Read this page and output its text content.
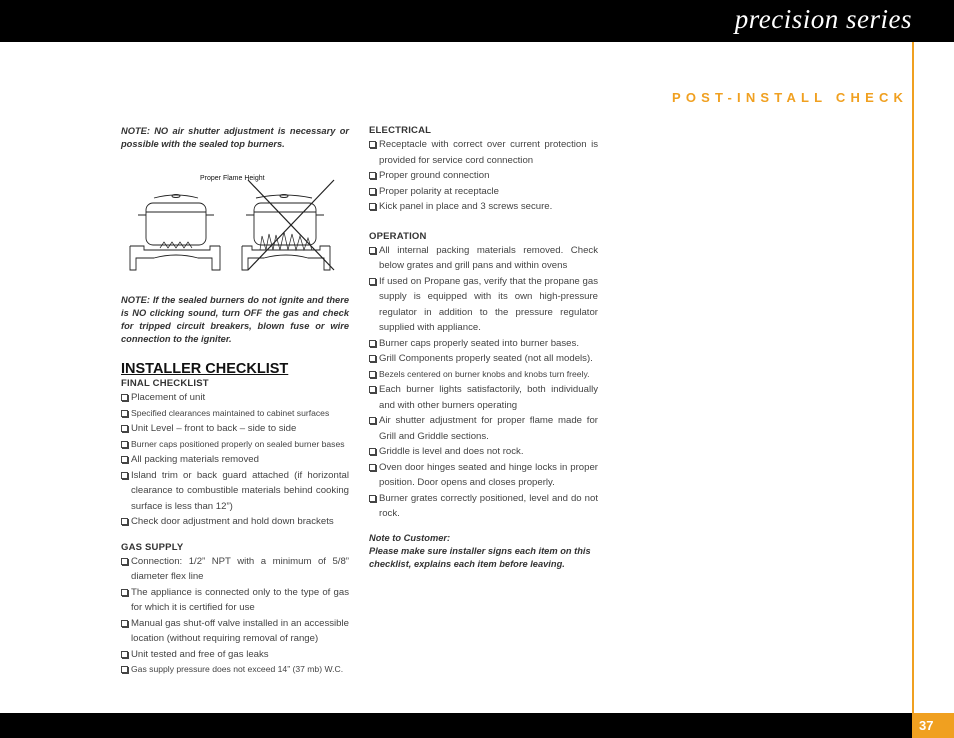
precision series
POST-INSTALL CHECK
NOTE: NO air shutter adjustment is necessary or possible with the sealed top burners.
Proper Flame Height
NOTE: If the sealed burners do not ignite and there is NO clicking sound, turn OFF the gas and check for tripped circuit breakers, blown fuse or wire connection to the igniter.
INSTALLER CHECKLIST
FINAL CHECKLIST
Placement of unit
Specified clearances maintained to cabinet surfaces
Unit Level – front to back – side to side
Burner caps positioned properly on sealed burner bases
All packing materials removed
Island trim or back guard attached (if horizontal clearance to combustible materials behind cooking surface is less than 12”)
Check door adjustment and hold down brackets
GAS SUPPLY
Connection: 1/2” NPT with a minimum of 5/8” diameter flex line
The appliance is connected only to the type of gas for which it is certified for use
Manual gas shut-off valve installed in an accessible location (without requiring removal of range)
Unit tested and free of gas leaks
Gas supply pressure does not exceed 14” (37 mb) W.C.
ELECTRICAL
Receptacle with correct over current protection is provided for service cord connection
Proper ground connection
Proper polarity at receptacle
Kick panel in place and 3 screws secure.
OPERATION
All internal packing materials removed. Check below grates and grill pans and within ovens
If used on Propane gas, verify that the propane gas supply is equipped with its own high-pressure regulator in addition to the pressure regulator supplied with appliance.
Burner caps properly seated into burner bases.
Grill Components properly seated (not all models).
Bezels centered on burner knobs and knobs turn freely.
Each burner lights satisfactorily, both individually and with other burners operating
Air shutter adjustment for proper flame made for Grill and Griddle sections.
Griddle is level and does not rock.
Oven door hinges seated and hinge locks in proper position. Door opens and closes properly.
Burner grates correctly positioned, level and do not rock.
Note to Customer:
Please make sure installer signs each item on this checklist, explains each item before leaving.
37
